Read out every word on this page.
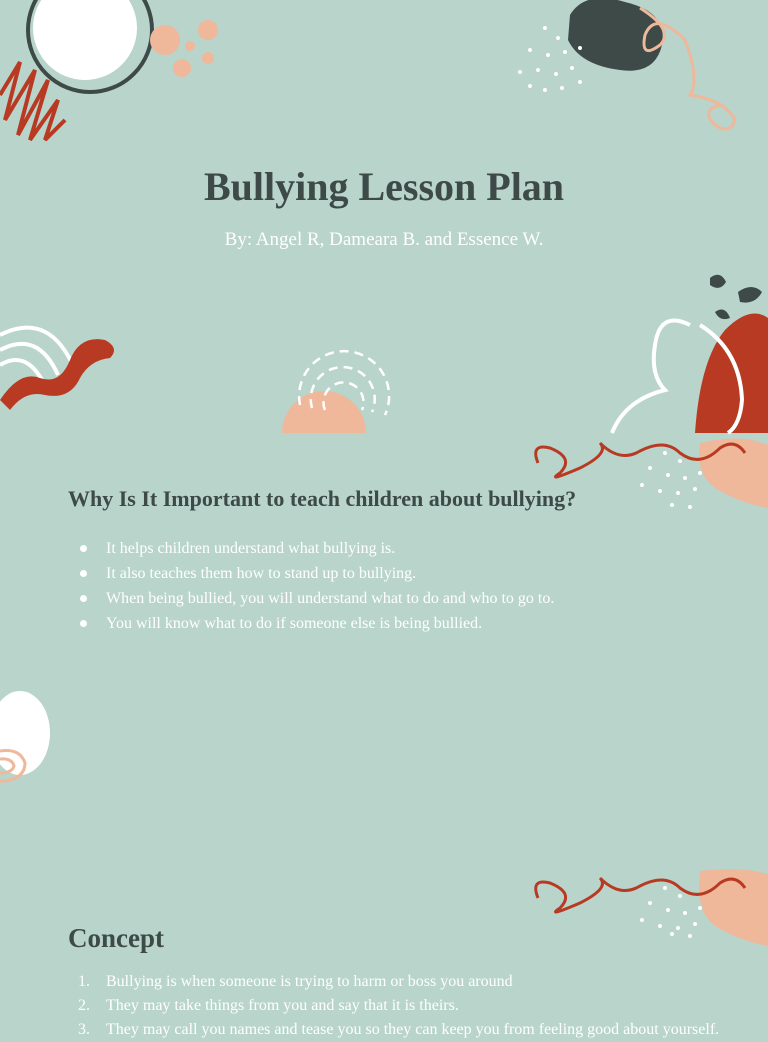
Bullying Lesson Plan

By: Angel R, Dameara B. and Essence W.

Why Is It Important to teach children about bullying?
It helps children understand what bullying is.
It also teaches them how to stand up to bullying.
When being bullied, you will understand what to do and who to go to.
You will know what to do if someone else is being bullied.
Concept
1. Bullying is when someone is trying to harm or boss you around
2. They may take things from you and say that it is theirs.
3. They may call you names and tease you so they can keep you from feeling good about yourself.
